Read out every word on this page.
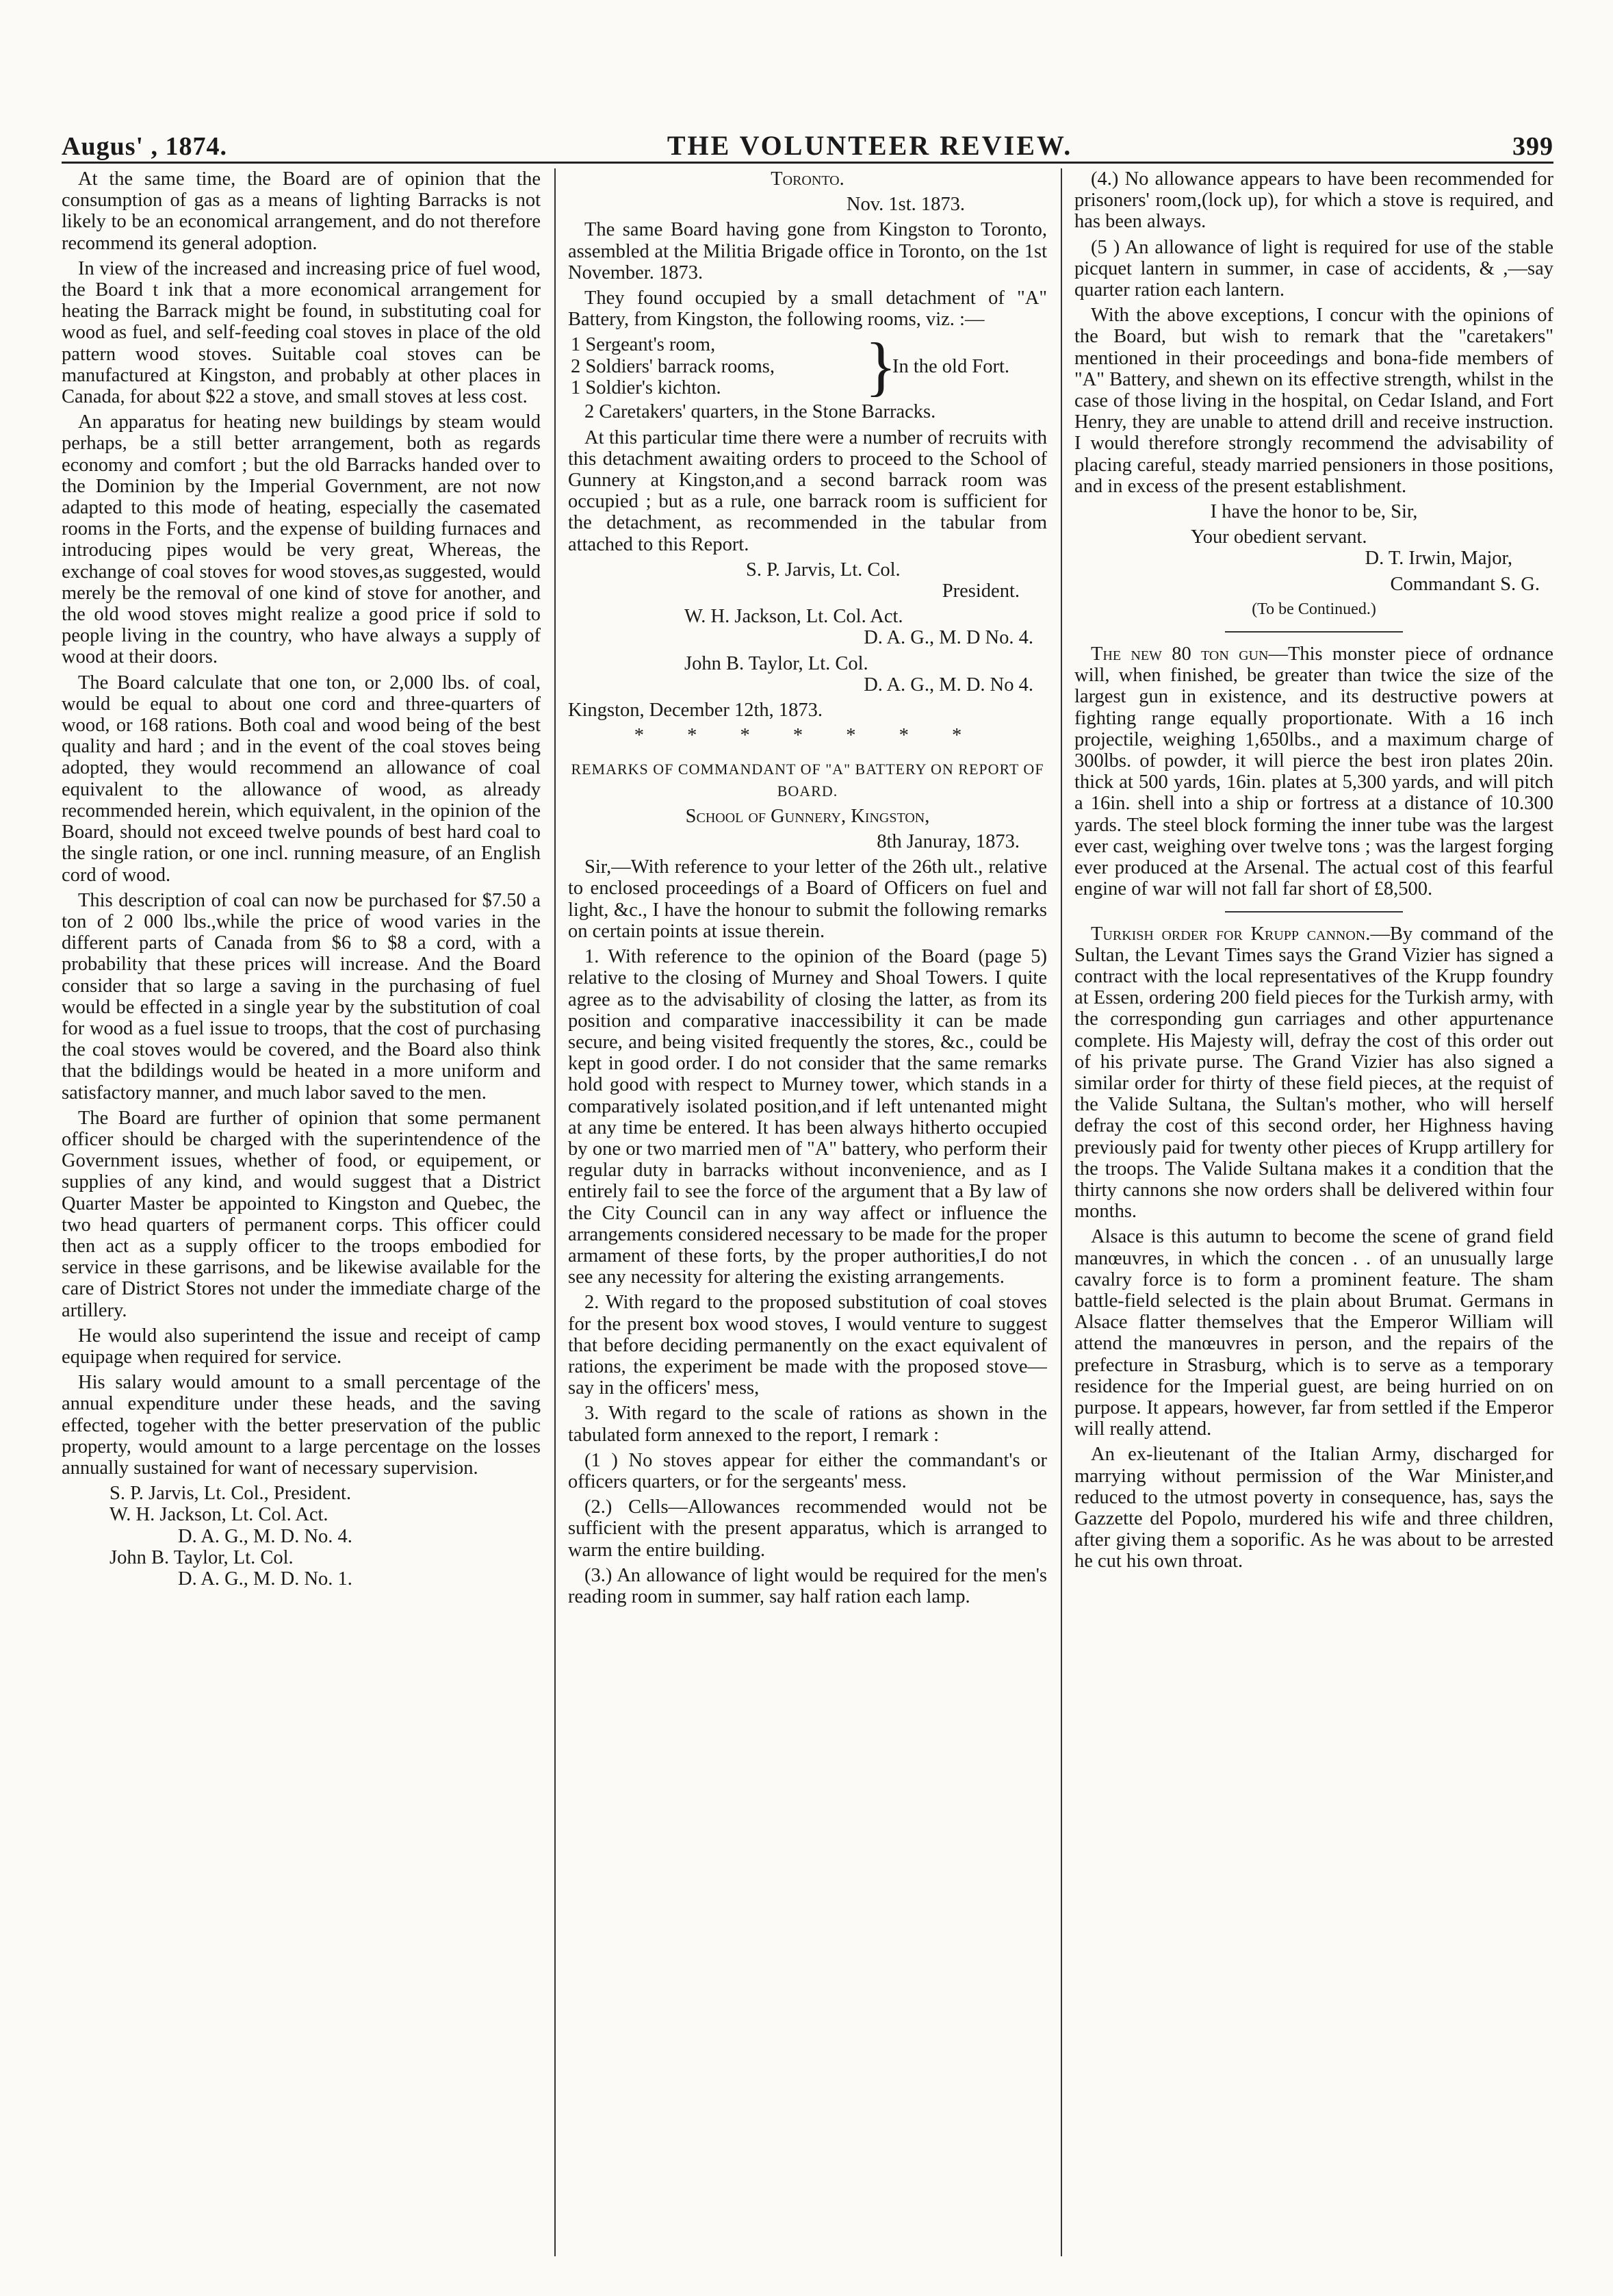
Augus' , 1874.	THE VOLUNTEER REVIEW.	399

At the same time, the Board are of opinion that the consumption of gas as a means of lighting Barracks is not likely to be an economical arrangement, and do not therefore recommend its general adoption.

In view of the increased and increasing price of fuel wood, the Board t ink that a more economical arrangement for heating the Barrack might be found, in substituting coal for wood as fuel, and self-feeding coal stoves in place of the old pattern wood stoves. Suitable coal stoves can be manufactured at Kingston, and probably at other places in Canada, for about $22 a stove, and small stoves at less cost.

An apparatus for heating new buildings by steam would perhaps, be a still better arrangement, both as regards economy and comfort ; but the old Barracks handed over to the Dominion by the Imperial Government, are not now adapted to this mode of heating, especially the casemated rooms in the Forts, and the expense of building furnaces and introducing pipes would be very great, Whereas, the exchange of coal stoves for wood stoves,as suggested, would merely be the removal of one kind of stove for another, and the old wood stoves might realize a good price if sold to people living in the country, who have always a supply of wood at their doors.

The Board calculate that one ton, or 2,000 lbs. of coal, would be equal to about one cord and three-quarters of wood, or 168 rations. Both coal and wood being of the best quality and hard ; and in the event of the coal stoves being adopted, they would recommend an allowance of coal equivalent to the allowance of wood, as already recommended herein, which equivalent, in the opinion of the Board, should not exceed twelve pounds of best hard coal to the single ration, or one incl. running measure, of an English cord of wood.

This description of coal can now be purchased for $7.50 a ton of 2 000 lbs.,while the price of wood varies in the different parts of Canada from $6 to $8 a cord, with a probability that these prices will increase. And the Board consider that so large a saving in the purchasing of fuel would be effected in a single year by the substitution of coal for wood as a fuel issue to troops, that the cost of purchasing the coal stoves would be covered, and the Board also think that the bdildings would be heated in a more uniform and satisfactory manner, and much labor saved to the men.

The Board are further of opinion that some permanent officer should be charged with the superintendence of the Government issues, whether of food, or equipement, or supplies of any kind, and would suggest that a District Quarter Master be appointed to Kingston and Quebec, the two head quarters of permanent corps. This officer could then act as a supply officer to the troops embodied for service in these garrisons, and be likewise available for the care of District Stores not under the immediate charge of the artillery.

He would also superintend the issue and receipt of camp equipage when required for service.

His salary would amount to a small percentage of the annual expenditure under these heads, and the saving effected, togeher with the better preservation of the public property, would amount to a large percentage on the losses annually sustained for want of necessary supervision.

S. P. Jarvis, Lt. Col., President.

W. H. Jackson, Lt. Col. Act.

D. A. G., M. D. No. 4.

John B. Taylor, Lt. Col.

D. A. G., M. D. No. 1.

Toronto.

Nov. 1st. 1873.

The same Board having gone from Kingston to Toronto, assembled at the Militia Brigade office in Toronto, on the 1st November. 1873.

They found occupied by a small detachment of "A" Battery, from Kingston, the following rooms, viz. :—

1 Sergeant's room,
2 Soldiers' barrack rooms,
1 Soldier's kichton.	}
In the old Fort.

2 Caretakers' quarters, in the Stone Barracks.

At this particular time there were a number of recruits with this detachment awaiting orders to proceed to the School of Gunnery at Kingston,and a second barrack room was occupied ; but as a rule, one barrack room is sufficient for the detachment, as recommended in the tabular from attached to this Report.

S. P. Jarvis, Lt. Col.

President.

W. H. Jackson, Lt. Col. Act.

D. A. G., M. D No. 4.

John B. Taylor, Lt. Col.

D. A. G., M. D. No 4.

Kingston, December 12th, 1873.

* * * * * * *

REMARKS OF COMMANDANT OF "A" BATTERY ON REPORT OF BOARD.

School of Gunnery, Kingston,

8th Januray, 1873.

Sir,—With reference to your letter of the 26th ult., relative to enclosed proceedings of a Board of Officers on fuel and light, &c., I have the honour to submit the following remarks on certain points at issue therein.

1. With reference to the opinion of the Board (page 5) relative to the closing of Murney and Shoal Towers. I quite agree as to the advisability of closing the latter, as from its position and comparative inaccessibility it can be made secure, and being visited frequently the stores, &c., could be kept in good order. I do not consider that the same remarks hold good with respect to Murney tower, which stands in a comparatively isolated position,and if left untenanted might at any time be entered. It has been always hitherto occupied by one or two married men of "A" battery, who perform their regular duty in barracks without inconvenience, and as I entirely fail to see the force of the argument that a By law of the City Council can in any way affect or influence the arrangements considered necessary to be made for the proper armament of these forts, by the proper authorities,I do not see any necessity for altering the existing arrangements.

2. With regard to the proposed substitution of coal stoves for the present box wood stoves, I would venture to suggest that before deciding permanently on the exact equivalent of rations, the experiment be made with the proposed stove—say in the officers' mess,

3. With regard to the scale of rations as shown in the tabulated form annexed to the report, I remark :

(1 ) No stoves appear for either the commandant's or officers quarters, or for the sergeants' mess.

(2.) Cells—Allowances recommended would not be sufficient with the present apparatus, which is arranged to warm the entire building.

(3.) An allowance of light would be required for the men's reading room in summer, say half ration each lamp.

(4.) No allowance appears to have been recommended for prisoners' room,(lock up), for which a stove is required, and has been always.

(5 ) An allowance of light is required for use of the stable picquet lantern in summer, in case of accidents, & ,—say quarter ration each lantern.

With the above exceptions, I concur with the opinions of the Board, but wish to remark that the "caretakers" mentioned in their proceedings and bona-fide members of "A" Battery, and shewn on its effective strength, whilst in the case of those living in the hospital, on Cedar Island, and Fort Henry, they are unable to attend drill and receive instruction. I would therefore strongly recommend the advisability of placing careful, steady married pensioners in those positions, and in excess of the present establishment.

I have the honor to be, Sir,

Your obedient servant.

D. T. Irwin, Major,

Commandant S. G.

(To be Continued.)

The new 80 ton gun—This monster piece of ordnance will, when finished, be greater than twice the size of the largest gun in existence, and its destructive powers at fighting range equally proportionate. With a 16 inch projectile, weighing 1,650lbs., and a maximum charge of 300lbs. of powder, it will pierce the best iron plates 20in. thick at 500 yards, 16in. plates at 5,300 yards, and will pitch a 16in. shell into a ship or fortress at a distance of 10.300 yards. The steel block forming the inner tube was the largest ever cast, weighing over twelve tons ; was the largest forging ever produced at the Arsenal. The actual cost of this fearful engine of war will not fall far short of £8,500.

Turkish order for Krupp cannon.—By command of the Sultan, the Levant Times says the Grand Vizier has signed a contract with the local representatives of the Krupp foundry at Essen, ordering 200 field pieces for the Turkish army, with the corresponding gun carriages and other appurtenance complete. His Majesty will, defray the cost of this order out of his private purse. The Grand Vizier has also signed a similar order for thirty of these field pieces, at the requist of the Valide Sultana, the Sultan's mother, who will herself defray the cost of this second order, her Highness having previously paid for twenty other pieces of Krupp artillery for the troops. The Valide Sultana makes it a condition that the thirty cannons she now orders shall be delivered within four months.

Alsace is this autumn to become the scene of grand field manœuvres, in which the concen . . of an unusually large cavalry force is to form a prominent feature. The sham battle-field selected is the plain about Brumat. Germans in Alsace flatter themselves that the Emperor William will attend the manœuvres in person, and the repairs of the prefecture in Strasburg, which is to serve as a temporary residence for the Imperial guest, are being hurried on on purpose. It appears, however, far from settled if the Emperor will really attend.

An ex-lieutenant of the Italian Army, discharged for marrying without permission of the War Minister,and reduced to the utmost poverty in consequence, has, says the Gazzette del Popolo, murdered his wife and three children, after giving them a soporific. As he was about to be arrested he cut his own throat.
